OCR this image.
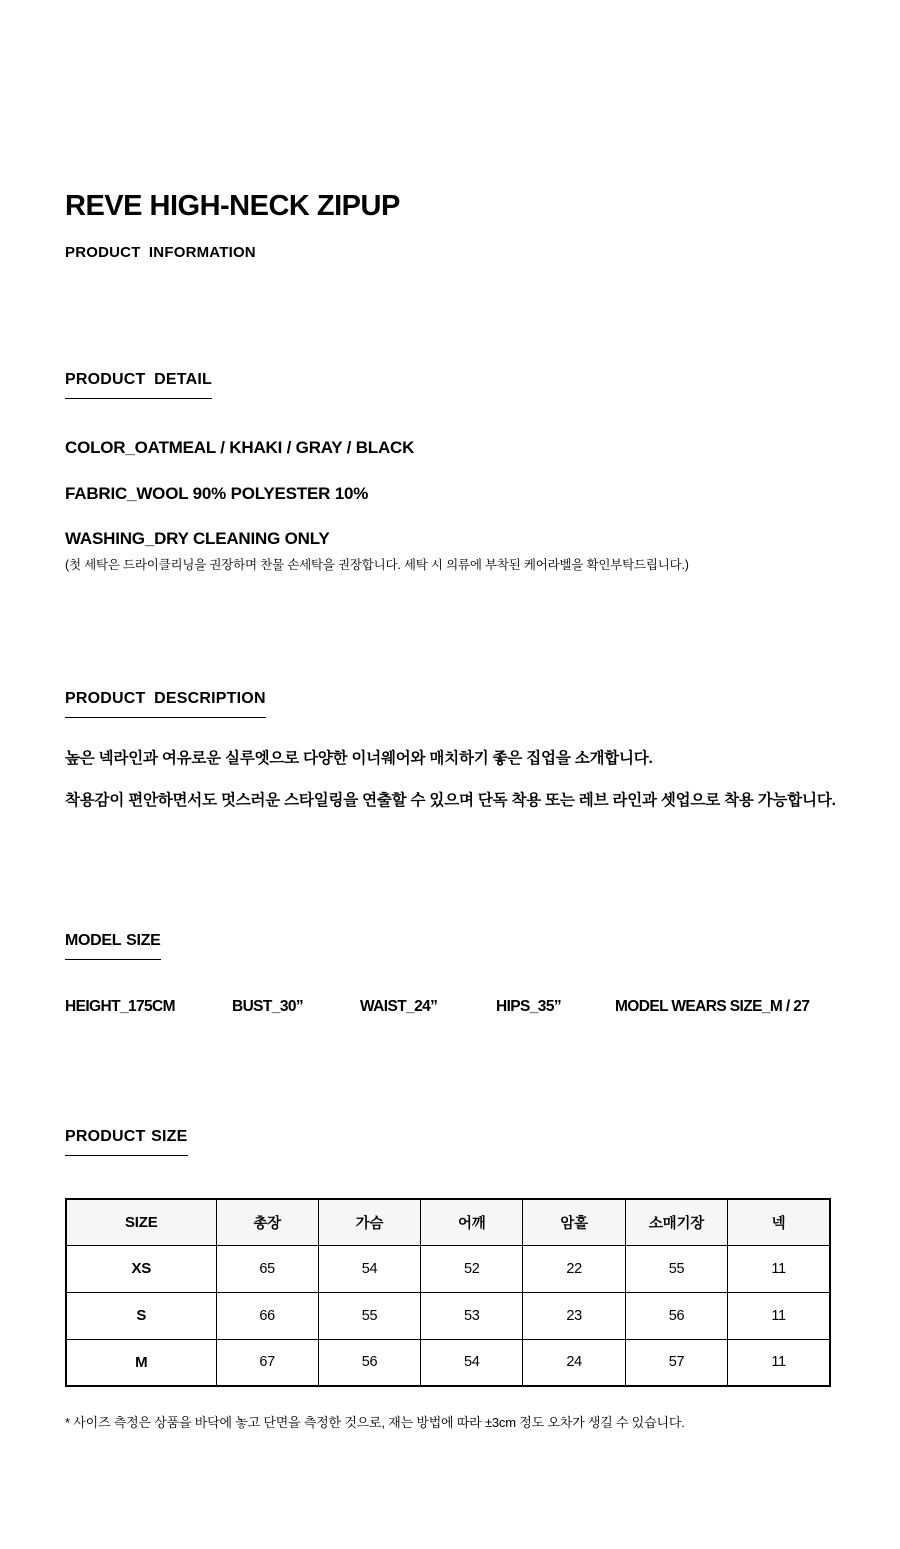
REVE HIGH-NECK ZIPUP
PRODUCT INFORMATION
PRODUCT DETAIL
COLOR_OATMEAL / KHAKI / GRAY / BLACK
FABRIC_WOOL 90% POLYESTER 10%
WASHING_DRY CLEANING ONLY
(첫 세탁은 드라이클리닝을 권장하며 찬물 손세탁을 권장합니다. 세탁 시 의류에 부착된 케어라벨을 확인부탁드립니다.)
PRODUCT DESCRIPTION
높은 넥라인과 여유로운 실루엣으로 다양한 이너웨어와 매치하기 좋은 집업을 소개합니다.
착용감이 편안하면서도 멋스러운 스타일링을 연출할 수 있으며 단독 착용 또는 레브 라인과 셋업으로 착용 가능합니다.
MODEL SIZE
HEIGHT_175CM	BUST_30”	WAIST_24”	HIPS_35”	MODEL WEARS SIZE_M / 27
PRODUCT SIZE
SIZE	총장	가슴	어깨	암홀	소매기장	넥
XS	65	54	52	22	55	11
S	66	55	53	23	56	11
M	67	56	54	24	57	11
* 사이즈 측정은 상품을 바닥에 놓고 단면을 측정한 것으로, 재는 방법에 따라 ±3cm 정도 오차가 생길 수 있습니다.
